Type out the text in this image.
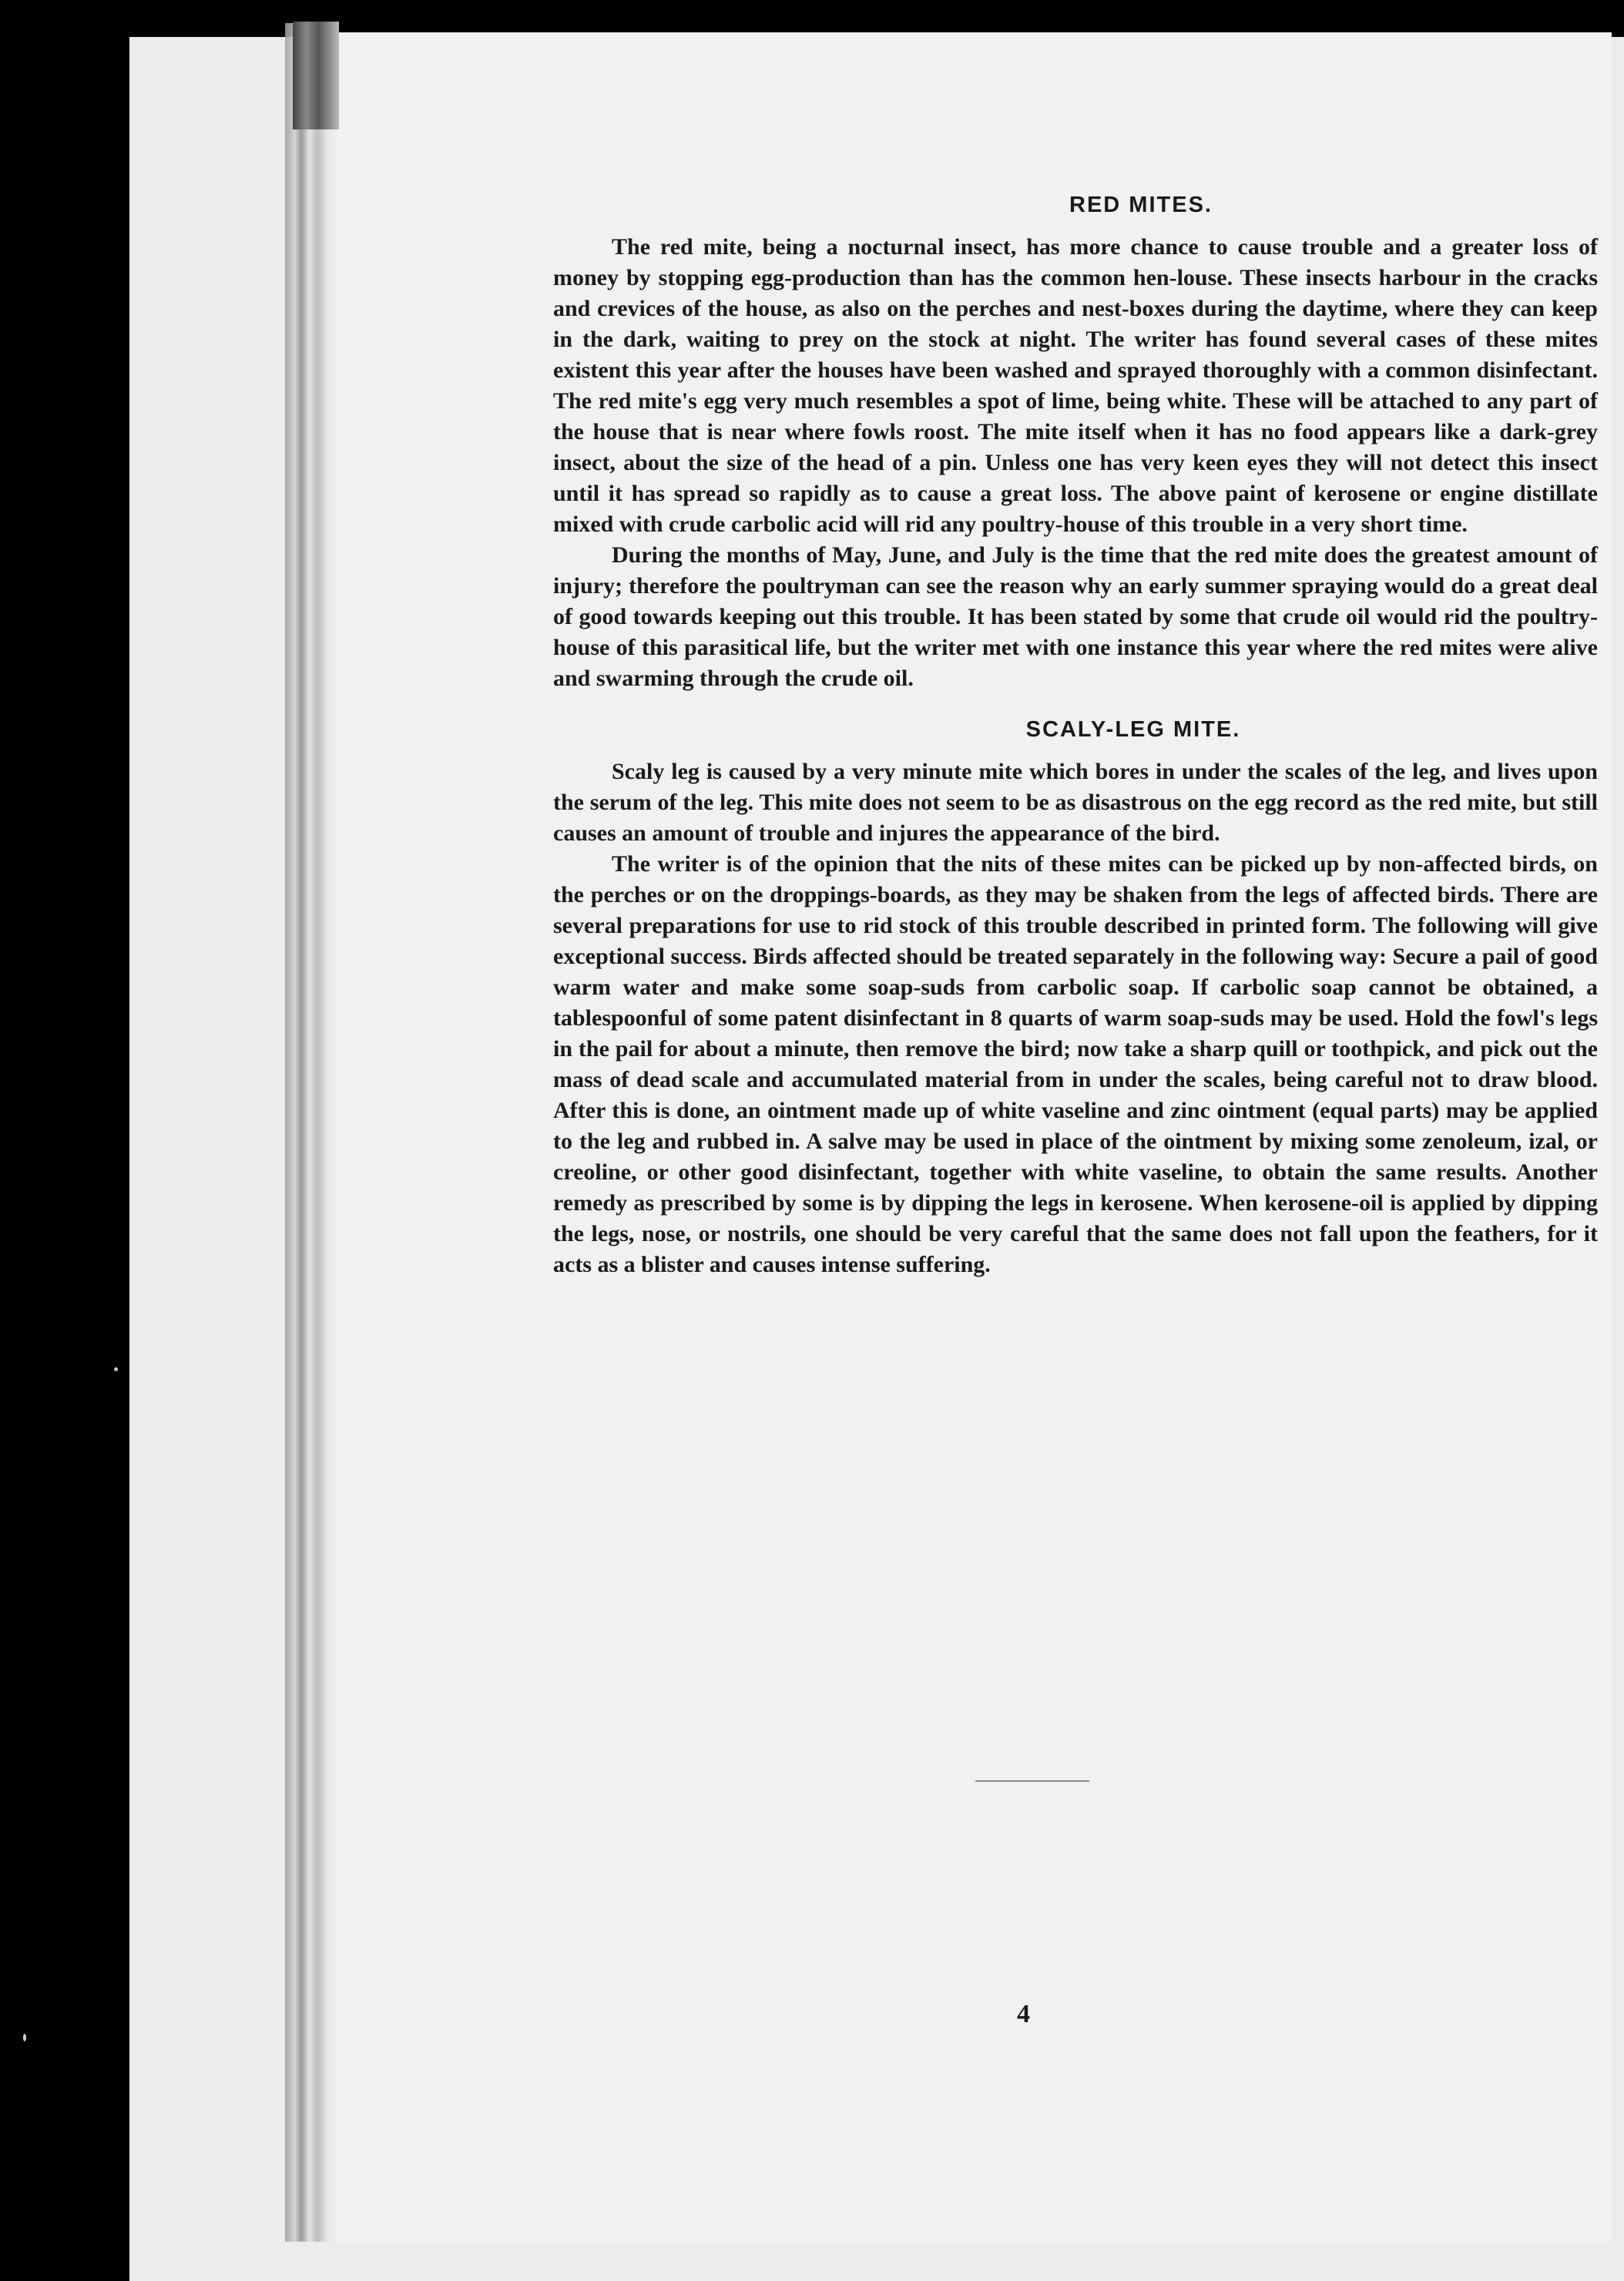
RED MITES.

The red mite, being a nocturnal insect, has more chance to cause trouble and a greater loss of money by stopping egg-production than has the common hen-louse. These insects harbour in the cracks and crevices of the house, as also on the perches and nest-boxes during the daytime, where they can keep in the dark, waiting to prey on the stock at night. The writer has found several cases of these mites existent this year after the houses have been washed and sprayed thoroughly with a common disinfectant. The red mite's egg very much resembles a spot of lime, being white. These will be attached to any part of the house that is near where fowls roost. The mite itself when it has no food appears like a dark-grey insect, about the size of the head of a pin. Unless one has very keen eyes they will not detect this insect until it has spread so rapidly as to cause a great loss. The above paint of kerosene or engine distillate mixed with crude carbolic acid will rid any poultry-house of this trouble in a very short time.

During the months of May, June, and July is the time that the red mite does the greatest amount of injury; therefore the poultryman can see the reason why an early summer spraying would do a great deal of good towards keeping out this trouble. It has been stated by some that crude oil would rid the poultry-house of this parasitical life, but the writer met with one instance this year where the red mites were alive and swarming through the crude oil.

SCALY-LEG MITE.

Scaly leg is caused by a very minute mite which bores in under the scales of the leg, and lives upon the serum of the leg. This mite does not seem to be as disastrous on the egg record as the red mite, but still causes an amount of trouble and injures the appearance of the bird.

The writer is of the opinion that the nits of these mites can be picked up by non-affected birds, on the perches or on the droppings-boards, as they may be shaken from the legs of affected birds. There are several preparations for use to rid stock of this trouble described in printed form. The following will give exceptional success. Birds affected should be treated separately in the following way: Secure a pail of good warm water and make some soap-suds from carbolic soap. If carbolic soap cannot be obtained, a tablespoonful of some patent disinfectant in 8 quarts of warm soap-suds may be used. Hold the fowl's legs in the pail for about a minute, then remove the bird; now take a sharp quill or toothpick, and pick out the mass of dead scale and accumulated material from in under the scales, being careful not to draw blood. After this is done, an ointment made up of white vaseline and zinc ointment (equal parts) may be applied to the leg and rubbed in. A salve may be used in place of the ointment by mixing some zenoleum, izal, or creoline, or other good disinfectant, together with white vaseline, to obtain the same results. Another remedy as prescribed by some is by dipping the legs in kerosene. When kerosene-oil is applied by dipping the legs, nose, or nostrils, one should be very careful that the same does not fall upon the feathers, for it acts as a blister and causes intense suffering.

4
